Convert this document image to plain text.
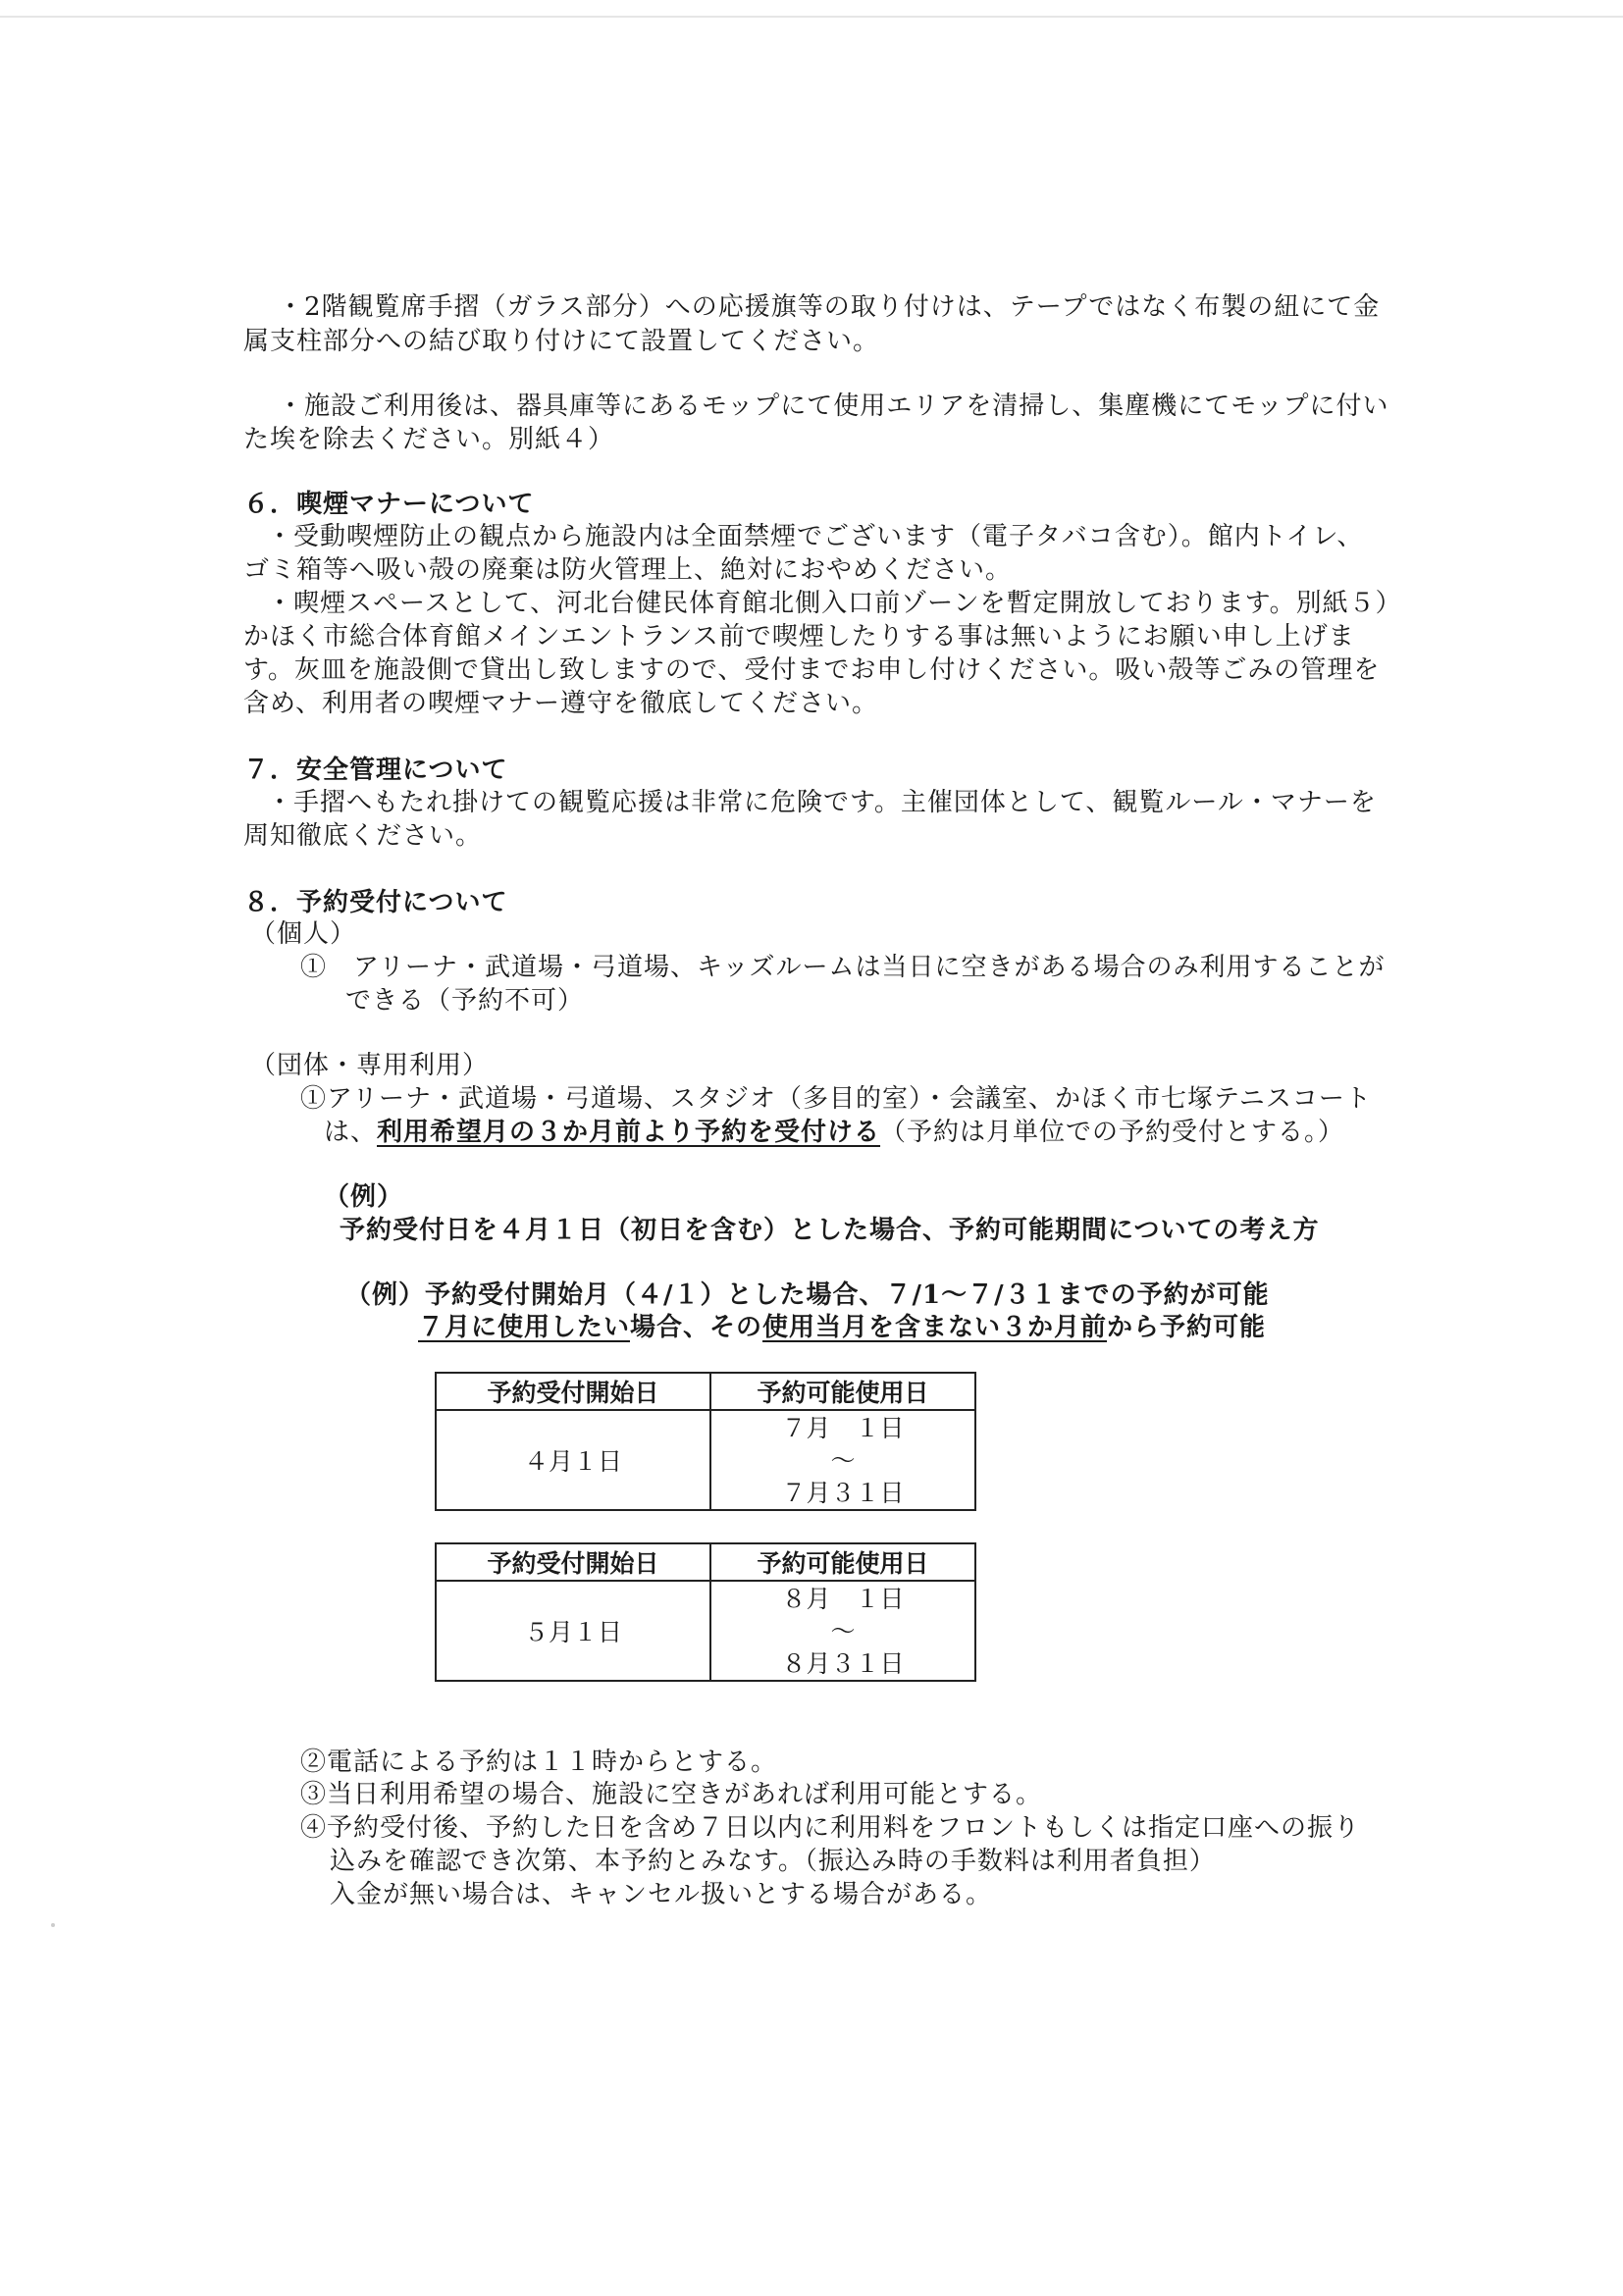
・2階観覧席手摺（ガラス部分）への応援旗等の取り付けは、テープではなく布製の紐にて金
属支柱部分への結び取り付けにて設置してください。
・施設ご利用後は、器具庫等にあるモップにて使用エリアを清掃し、集塵機にてモップに付い
た埃を除去ください。別紙４）
６．喫煙マナーについて
・受動喫煙防止の観点から施設内は全面禁煙でございます（電子タバコ含む）。館内トイレ、
ゴミ箱等へ吸い殻の廃棄は防火管理上、絶対におやめください。
・喫煙スペースとして、河北台健民体育館北側入口前ゾーンを暫定開放しております。別紙５）
かほく市総合体育館メインエントランス前で喫煙したりする事は無いようにお願い申し上げま
す。灰皿を施設側で貸出し致しますので、受付までお申し付けください。吸い殻等ごみの管理を
含め、利用者の喫煙マナー遵守を徹底してください。
７．安全管理について
・手摺へもたれ掛けての観覧応援は非常に危険です。主催団体として、観覧ルール・マナーを
周知徹底ください。
８．予約受付について
（個人）
①　アリーナ・武道場・弓道場、キッズルームは当日に空きがある場合のみ利用することが
できる（予約不可）
（団体・専用利用）
①アリーナ・武道場・弓道場、スタジオ（多目的室）・会議室、かほく市七塚テニスコート
は、利用希望月の３か月前より予約を受付ける（予約は月単位での予約受付とする。）
（例）
予約受付日を４月１日（初日を含む）とした場合、予約可能期間についての考え方
（例）予約受付開始月（４/１）とした場合、７/1～７/３１までの予約が可能
７月に使用したい場合、その使用当月を含まない３か月前から予約可能
予約受付開始日	予約可能使用日
４月１日	７月　１日
～
７月３１日
予約受付開始日	予約可能使用日
５月１日	８月　１日
～
８月３１日
②電話による予約は１１時からとする。
③当日利用希望の場合、施設に空きがあれば利用可能とする。
④予約受付後、予約した日を含め７日以内に利用料をフロントもしくは指定口座への振り
込みを確認でき次第、本予約とみなす。（振込み時の手数料は利用者負担）
入金が無い場合は、キャンセル扱いとする場合がある。
